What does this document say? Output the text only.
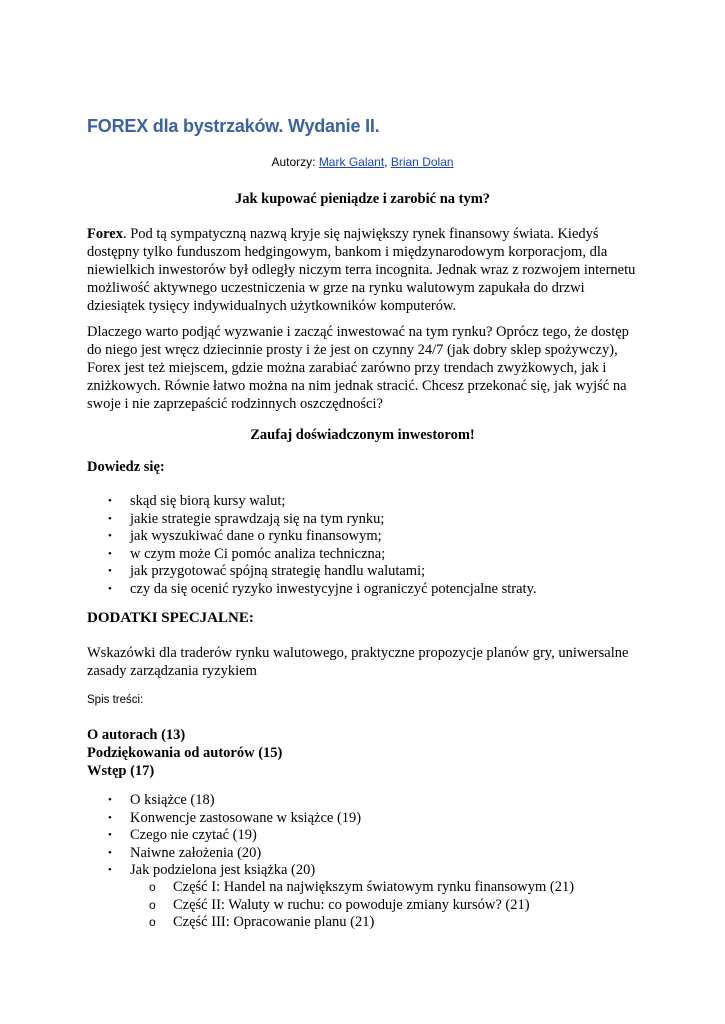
FOREX dla bystrzaków. Wydanie II.
Autorzy: Mark Galant, Brian Dolan
Jak kupować pieniądze i zarobić na tym?
Forex. Pod tą sympatyczną nazwą kryje się największy rynek finansowy świata. Kiedyś dostępny tylko funduszom hedgingowym, bankom i międzynarodowym korporacjom, dla niewielkich inwestorów był odległy niczym terra incognita. Jednak wraz z rozwojem internetu możliwość aktywnego uczestniczenia w grze na rynku walutowym zapukała do drzwi dziesiątek tysięcy indywidualnych użytkowników komputerów.
Dlaczego warto podjąć wyzwanie i zacząć inwestować na tym rynku? Oprócz tego, że dostęp do niego jest wręcz dziecinnie prosty i że jest on czynny 24/7 (jak dobry sklep spożywczy), Forex jest też miejscem, gdzie można zarabiać zarówno przy trendach zwyżkowych, jak i zniżkowych. Równie łatwo można na nim jednak stracić. Chcesz przekonać się, jak wyjść na swoje i nie zaprzepaścić rodzinnych oszczędności?
Zaufaj doświadczonym inwestorom!
Dowiedz się:
• skąd się biorą kursy walut;
• jakie strategie sprawdzają się na tym rynku;
• jak wyszukiwać dane o rynku finansowym;
• w czym może Ci pomóc analiza techniczna;
• jak przygotować spójną strategię handlu walutami;
• czy da się ocenić ryzyko inwestycyjne i ograniczyć potencjalne straty.
DODATKI SPECJALNE:
Wskazówki dla traderów rynku walutowego, praktyczne propozycje planów gry, uniwersalne zasady zarządzania ryzykiem
Spis treści:
O autorach (13)
Podziękowania od autorów (15)
Wstęp (17)
• O książce (18)
• Konwencje zastosowane w książce (19)
• Czego nie czytać (19)
• Naiwne założenia (20)
• Jak podzielona jest książka (20)
o Część I: Handel na największym światowym rynku finansowym (21)
o Część II: Waluty w ruchu: co powoduje zmiany kursów? (21)
o Część III: Opracowanie planu (21)
